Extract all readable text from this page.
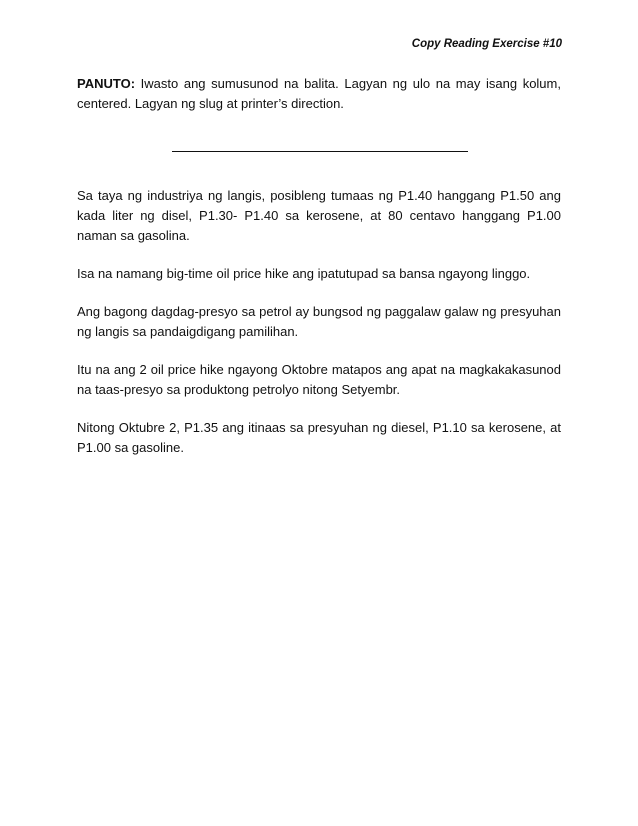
Copy Reading Exercise #10

PANUTO: Iwasto ang sumusunod na balita. Lagyan ng ulo na may isang kolum, centered. Lagyan ng slug at printer’s direction.

Sa taya ng industriya ng langis, posibleng tumaas ng P1.40 hanggang P1.50 ang kada liter ng disel, P1.30- P1.40 sa kerosene, at 80 centavo hanggang P1.00 naman sa gasolina.

Isa na namang big-time oil price hike ang ipatutupad sa bansa ngayong linggo.

Ang bagong dagdag-presyo sa petrol ay bungsod ng paggalaw galaw ng presyuhan ng langis sa pandaigdigang pamilihan.

Itu na ang 2 oil price hike ngayong Oktobre matapos ang apat na magkakakasunod na taas-presyo sa produktong petrolyo nitong Setyembr.

Nitong Oktubre 2, P1.35 ang itinaas sa presyuhan ng diesel, P1.10 sa kerosene, at P1.00 sa gasoline.
